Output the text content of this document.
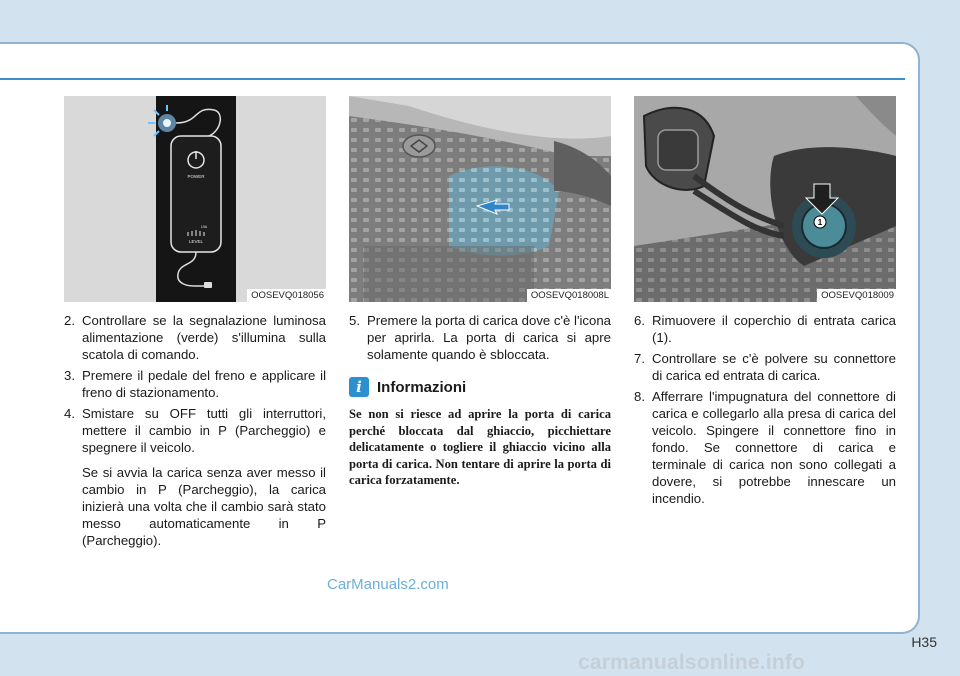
POWER
10A
LEVEL
OOSEVQ018056
2. Controllare se la segnalazione luminosa alimentazione (verde) s'illumina sulla scatola di comando.
3. Premere il pedale del freno e applicare il freno di stazionamento.
4. Smistare su OFF tutti gli interruttori, mettere il cambio in P (Parcheggio) e spegnere il veicolo.
Se si avvia la carica senza aver messo il cambio in P (Parcheggio), la carica inizierà una volta che il cambio sarà stato messo automaticamente in P (Parcheggio).
OOSEVQ018008L
5. Premere la porta di carica dove c'è l'icona per aprirla. La porta di carica si apre solamente quando è sbloccata.
i	Informazioni
Se non si riesce ad aprire la porta di carica perché bloccata dal ghiaccio, picchiettare delicatamente o togliere il ghiaccio vicino alla porta di carica. Non tentare di aprire la porta di carica forzatamente.
1
OOSEVQ018009
6. Rimuovere il coperchio di entrata carica (1).
7. Controllare se c'è polvere su connettore di carica ed entrata di carica.
8. Afferrare l'impugnatura del connettore di carica e collegarlo alla presa di carica del veicolo. Spingere il connettore fino in fondo. Se connettore di carica e terminale di carica non sono collegati a dovere, si potrebbe innescare un incendio.
CarManuals2.com
H35
carmanualsonline.info
